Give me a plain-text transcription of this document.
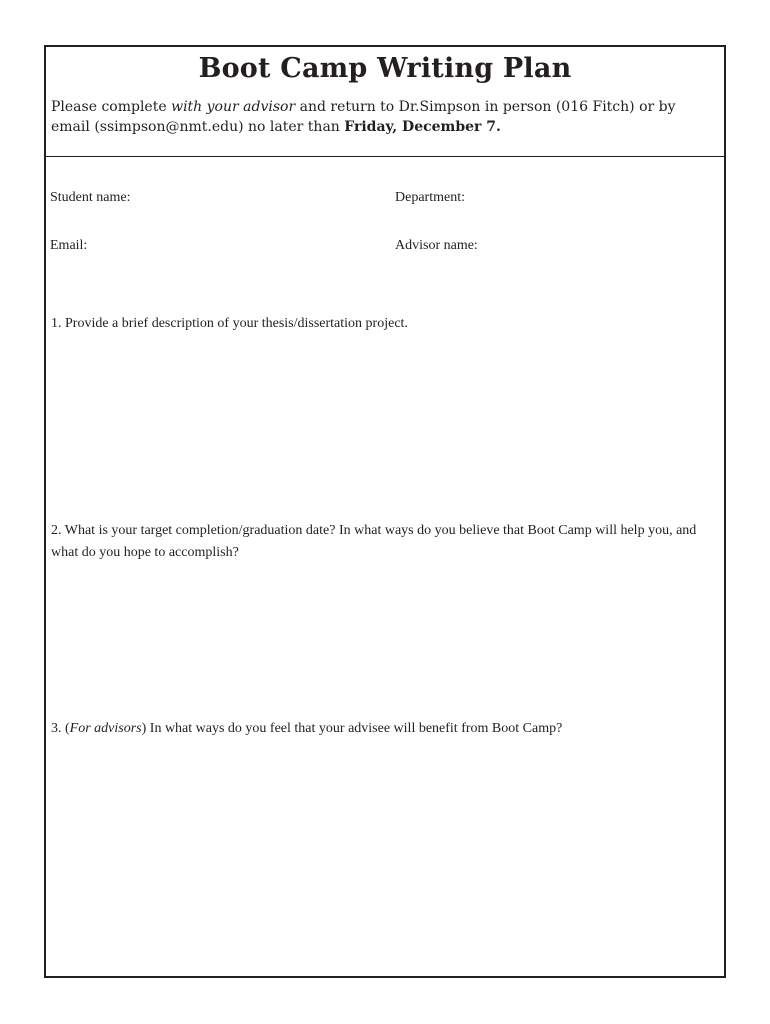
Boot Camp Writing Plan
Please complete with your advisor and return to Dr.Simpson in person (016 Fitch) or by email (ssimpson@nmt.edu) no later than Friday, December 7.
Student name:	Department:
Email:	Advisor name:
1. Provide a brief description of your thesis/dissertation project.
2. What is your target completion/graduation date? In what ways do you believe that Boot Camp will help you, and what do you hope to accomplish?
3. (For advisors) In what ways do you feel that your advisee will benefit from Boot Camp?
